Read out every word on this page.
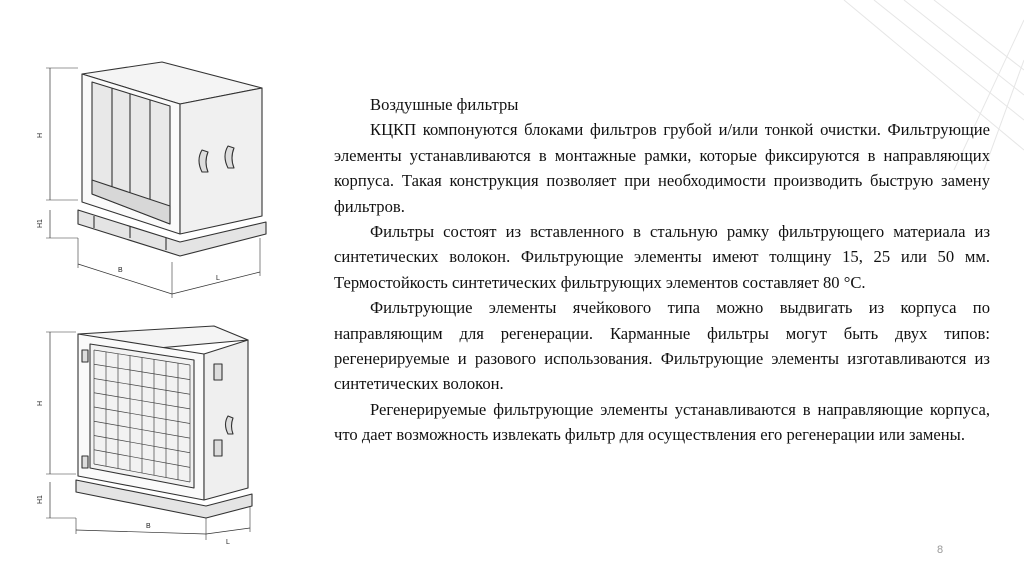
H
H1
B
L
H
H1
B
L

Воздушные фильтры

КЦКП компонуются блоками фильтров грубой и/или тонкой очистки. Фильтрующие элементы устанавливаются в монтажные рамки, которые фиксируются в направляющих корпуса. Такая конструкция позволяет при необходимости производить быструю замену фильтров.

Фильтры состоят из вставленного в стальную рамку фильтрующего материала из синтетических волокон. Фильтрующие элементы имеют толщину 15, 25 или 50 мм. Термостойкость синтетических фильтрующих элементов составляет 80 °С.

Фильтрующие элементы ячейкового типа можно выдвигать из корпуса по направляющим для регенерации. Карманные фильтры могут быть двух типов: регенерируемые и разового использования. Фильтрующие элементы изготавливаются из синтетических волокон.

Регенерируемые фильтрующие элементы устанавливаются в направляющие корпуса, что дает возможность извлекать фильтр для осуществления его регенерации или замены.

8
